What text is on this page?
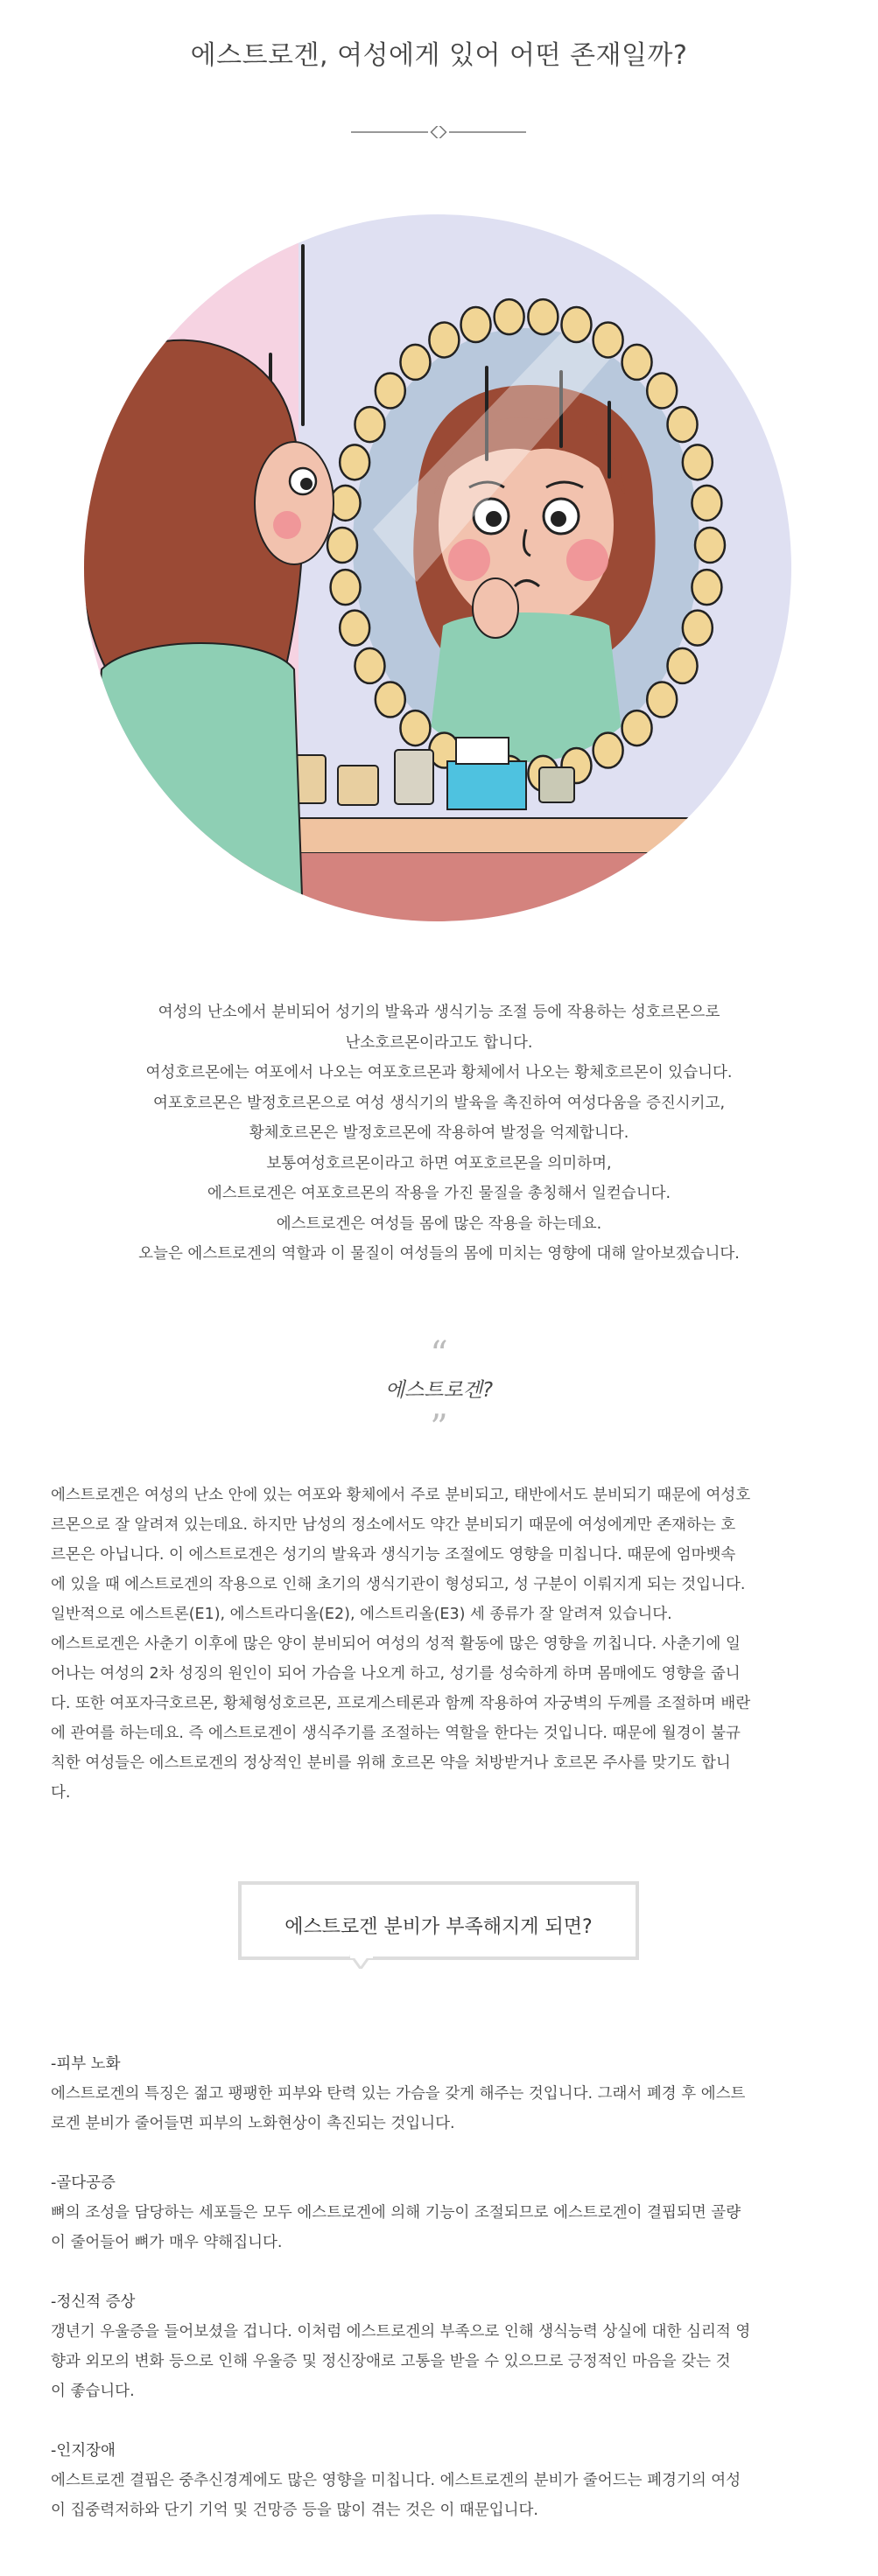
에스트로겐, 여성에게 있어 어떤 존재일까?

여성의 난소에서 분비되어 성기의 발육과 생식기능 조절 등에 작용하는 성호르몬으로

난소호르몬이라고도 합니다.

여성호르몬에는 여포에서 나오는 여포호르몬과 황체에서 나오는 황체호르몬이 있습니다.

여포호르몬은 발정호르몬으로 여성 생식기의 발육을 촉진하여 여성다움을 증진시키고,

황체호르몬은 발정호르몬에 작용하여 발정을 억제합니다.

보통여성호르몬이라고 하면 여포호르몬을 의미하며,

에스트로겐은 여포호르몬의 작용을 가진 물질을 총칭해서 일컫습니다.

에스트로겐은 여성들 몸에 많은 작용을 하는데요.

오늘은 에스트로겐의 역할과 이 물질이 여성들의 몸에 미치는 영향에 대해 알아보겠습니다.

“
에스트로겐?
”

에스트로겐은 여성의 난소 안에 있는 여포와 황체에서 주로 분비되고, 태반에서도 분비되기 때문에 여성호

르몬으로 잘 알려져 있는데요. 하지만 남성의 정소에서도 약간 분비되기 때문에 여성에게만 존재하는 호

르몬은 아닙니다. 이 에스트로겐은 성기의 발육과 생식기능 조절에도 영향을 미칩니다. 때문에 엄마뱃속

에 있을 때 에스트로겐의 작용으로 인해 초기의 생식기관이 형성되고, 성 구분이 이뤄지게 되는 것입니다.

일반적으로 에스트론(E1), 에스트라디올(E2), 에스트리올(E3) 세 종류가 잘 알려져 있습니다.

에스트로겐은 사춘기 이후에 많은 양이 분비되어 여성의 성적 활동에 많은 영향을 끼칩니다. 사춘기에 일

어나는 여성의 2차 성징의 원인이 되어 가슴을 나오게 하고, 성기를 성숙하게 하며 몸매에도 영향을 줍니

다. 또한 여포자극호르몬, 황체형성호르몬, 프로게스테론과 함께 작용하여 자궁벽의 두께를 조절하며 배란

에 관여를 하는데요. 즉 에스트로겐이 생식주기를 조절하는 역할을 한다는 것입니다. 때문에 월경이 불규

칙한 여성들은 에스트로겐의 정상적인 분비를 위해 호르몬 약을 처방받거나 호르몬 주사를 맞기도 합니

다.

에스트로겐 분비가 부족해지게 되면?

-피부 노화

에스트로겐의 특징은 젊고 팽팽한 피부와 탄력 있는 가슴을 갖게 해주는 것입니다. 그래서 폐경 후 에스트

로겐 분비가 줄어들면 피부의 노화현상이 촉진되는 것입니다.

-골다공증

뼈의 조성을 담당하는 세포들은 모두 에스트로겐에 의해 기능이 조절되므로 에스트로겐이 결핍되면 골량

이 줄어들어 뼈가 매우 약해집니다.

-정신적 증상

갱년기 우울증을 들어보셨을 겁니다. 이처럼 에스트로겐의 부족으로 인해 생식능력 상실에 대한 심리적 영

향과 외모의 변화 등으로 인해 우울증 및 정신장애로 고통을 받을 수 있으므로 긍정적인 마음을 갖는 것

이 좋습니다.

-인지장애

에스트로겐 결핍은 중추신경계에도 많은 영향을 미칩니다. 에스트로겐의 분비가 줄어드는 폐경기의 여성

이 집중력저하와 단기 기억 및 건망증 등을 많이 겪는 것은 이 때문입니다.
